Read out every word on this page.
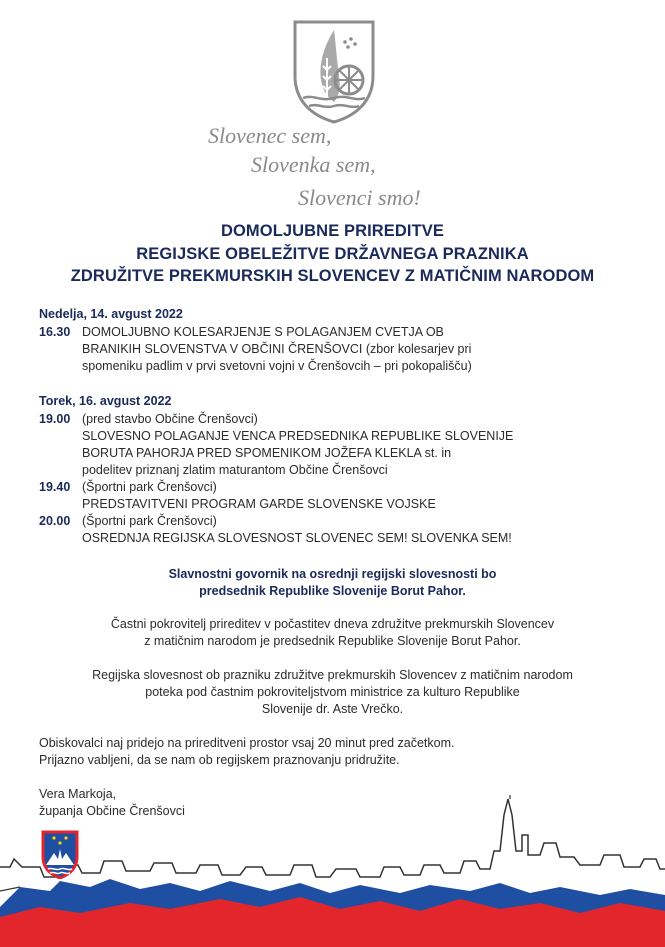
Slovenec sem,
Slovenka sem,
Slovenci smo!
DOMOLJUBNE PRIREDITVE
REGIJSKE OBELEŽITVE DRŽAVNEGA PRAZNIKA
ZDRUŽITVE PREKMURSKIH SLOVENCEV Z MATIČNIM NARODOM
Nedelja, 14. avgust 2022
16.30 DOMOLJUBNO KOLESARJENJE S POLAGANJEM CVETJA OB
BRANIKIH SLOVENSTVA V OBČINI ČRENŠOVCI (zbor kolesarjev pri
spomeniku padlim v prvi svetovni vojni v Črenšovcih – pri pokopališču)
Torek, 16. avgust 2022
19.00 (pred stavbo Občine Črenšovci)
SLOVESNO POLAGANJE VENCA PREDSEDNIKA REPUBLIKE SLOVENIJE
BORUTA PAHORJA PRED SPOMENIKOM JOŽEFA KLEKLA st. in
podelitev priznanj zlatim maturantom Občine Črenšovci
19.40 (Športni park Črenšovci)
PREDSTAVITVENI PROGRAM GARDE SLOVENSKE VOJSKE
20.00 (Športni park Črenšovci)
OSREDNJA REGIJSKA SLOVESNOST SLOVENEC SEM! SLOVENKA SEM!
Slavnostni govornik na osrednji regijski slovesnosti bo
predsednik Republike Slovenije Borut Pahor.
Častni pokrovitelj prireditev v počastitev dneva združitve prekmurskih Slovencev
z matičnim narodom je predsednik Republike Slovenije Borut Pahor.
Regijska slovesnost ob prazniku združitve prekmurskih Slovencev z matičnim narodom
poteka pod častnim pokroviteljstvom ministrice za kulturo Republike
Slovenije dr. Aste Vrečko.
Obiskovalci naj pridejo na prireditveni prostor vsaj 20 minut pred začetkom.
Prijazno vabljeni, da se nam ob regijskem praznovanju pridružite.
Vera Markoja,
županja Občine Črenšovci
